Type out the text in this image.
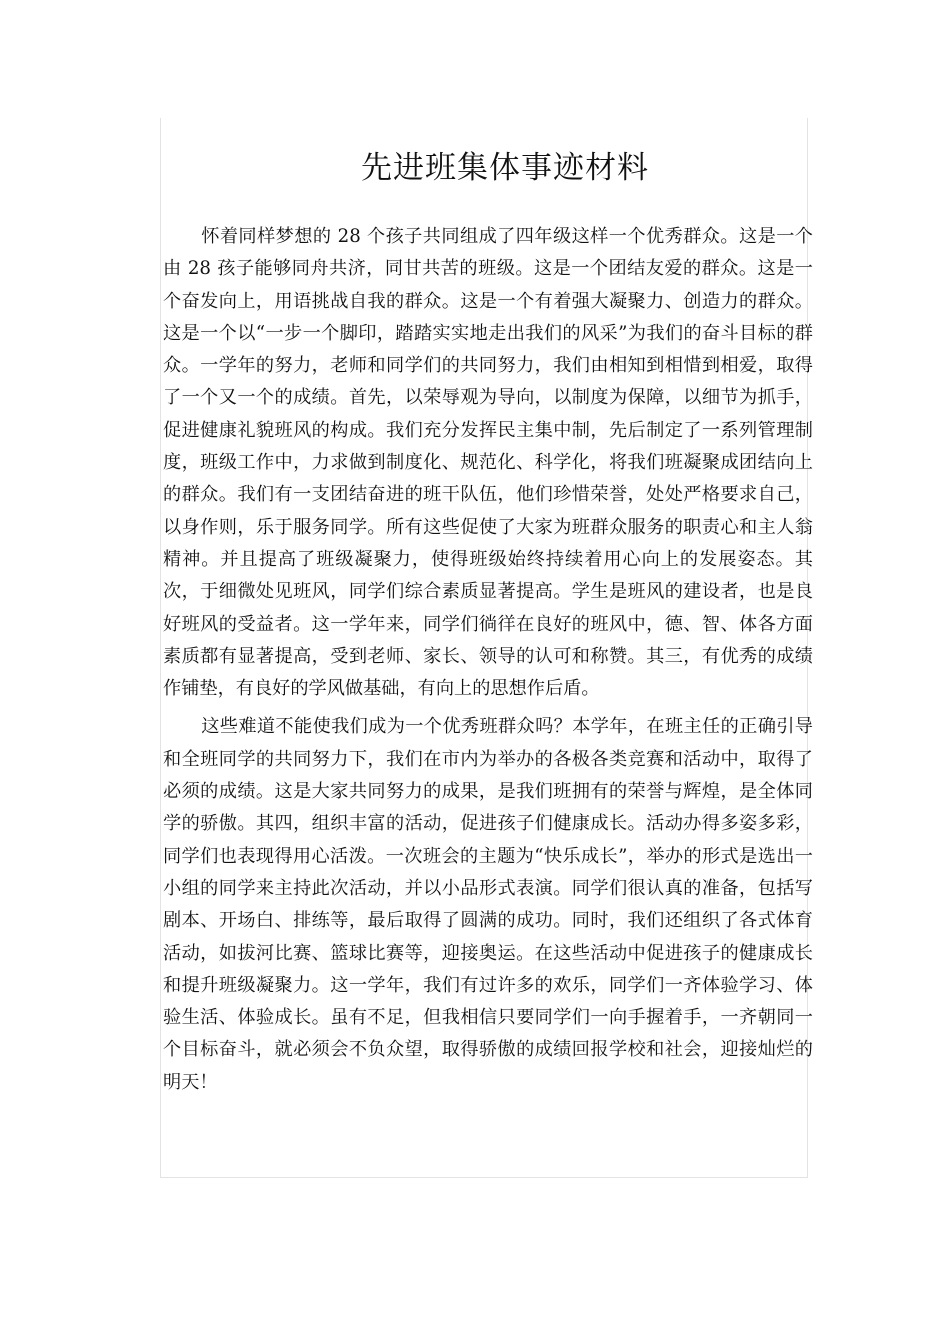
先进班集体事迹材料

怀着同样梦想的 28 个孩子共同组成了四年级这样一个优秀群众。这是一个由 28 孩子能够同舟共济，同甘共苦的班级。这是一个团结友爱的群众。这是一个奋发向上，用语挑战自我的群众。这是一个有着强大凝聚力、创造力的群众。这是一个以“一步一个脚印，踏踏实实地走出我们的风采”为我们的奋斗目标的群众。一学年的努力，老师和同学们的共同努力，我们由相知到相惜到相爱，取得了一个又一个的成绩。首先，以荣辱观为导向，以制度为保障，以细节为抓手，促进健康礼貌班风的构成。我们充分发挥民主集中制，先后制定了一系列管理制度，班级工作中，力求做到制度化、规范化、科学化，将我们班凝聚成团结向上的群众。我们有一支团结奋进的班干队伍，他们珍惜荣誉，处处严格要求自己，以身作则，乐于服务同学。所有这些促使了大家为班群众服务的职责心和主人翁精神。并且提高了班级凝聚力，使得班级始终持续着用心向上的发展姿态。其次，于细微处见班风，同学们综合素质显著提高。学生是班风的建设者，也是良好班风的受益者。这一学年来，同学们徜徉在良好的班风中，德、智、体各方面素质都有显著提高，受到老师、家长、领导的认可和称赞。其三，有优秀的成绩作铺垫，有良好的学风做基础，有向上的思想作后盾。

这些难道不能使我们成为一个优秀班群众吗？本学年，在班主任的正确引导和全班同学的共同努力下，我们在市内为举办的各极各类竞赛和活动中，取得了必须的成绩。这是大家共同努力的成果，是我们班拥有的荣誉与辉煌，是全体同学的骄傲。其四，组织丰富的活动，促进孩子们健康成长。活动办得多姿多彩，同学们也表现得用心活泼。一次班会的主题为“快乐成长”，举办的形式是选出一小组的同学来主持此次活动，并以小品形式表演。同学们很认真的准备，包括写剧本、开场白、排练等，最后取得了圆满的成功。同时，我们还组织了各式体育活动，如拔河比赛、篮球比赛等，迎接奥运。在这些活动中促进孩子的健康成长和提升班级凝聚力。这一学年，我们有过许多的欢乐，同学们一齐体验学习、体验生活、体验成长。虽有不足，但我相信只要同学们一向手握着手，一齐朝同一个目标奋斗，就必须会不负众望，取得骄傲的成绩回报学校和社会，迎接灿烂的明天！
